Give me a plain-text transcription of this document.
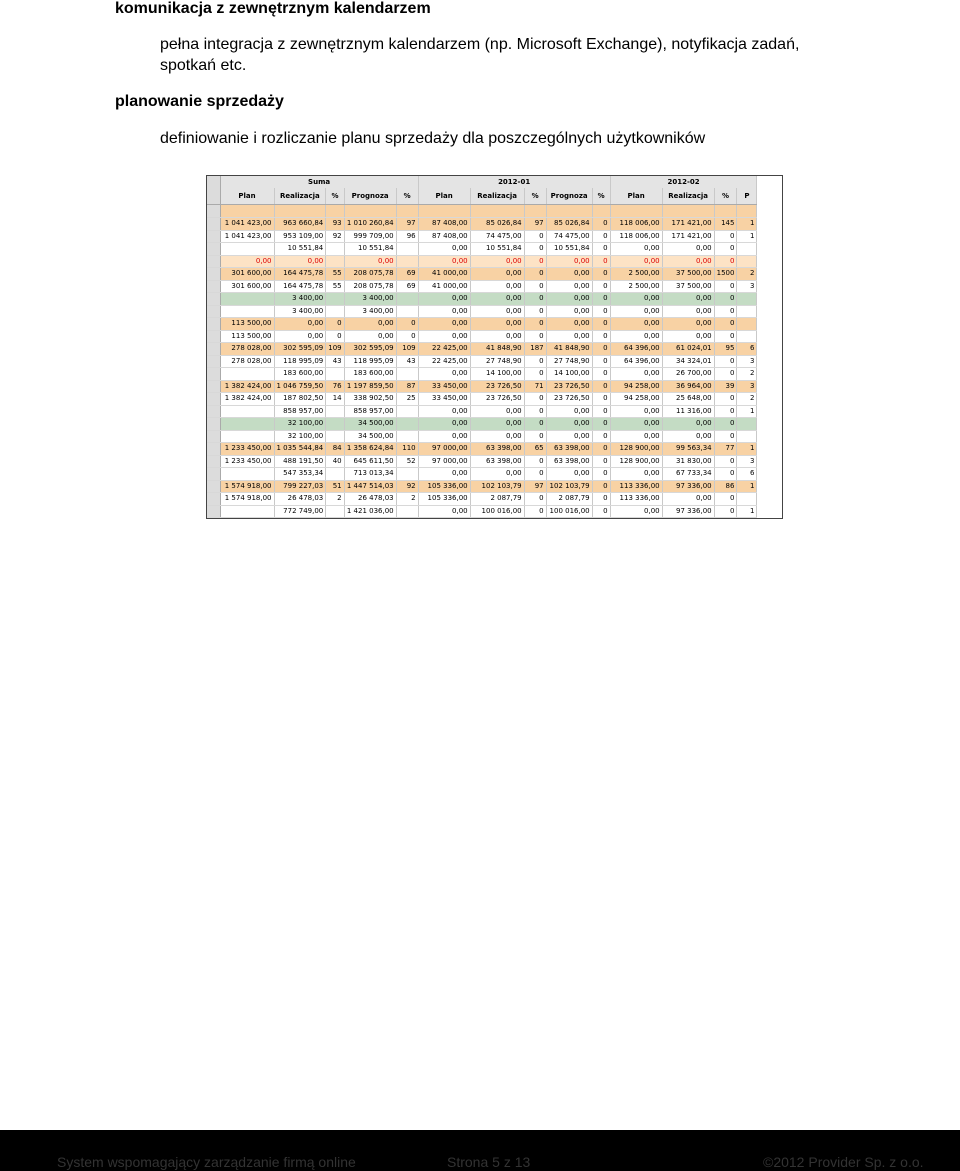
komunikacja z zewnętrznym kalendarzem
pełna integracja z zewnętrznym kalendarzem (np. Microsoft Exchange), notyfikacja zadań, spotkań etc.
planowanie sprzedaży
definiowanie i rozliczanie planu sprzedaży dla poszczególnych użytkowników
	Suma					2012-01					2012-02			
	Plan	Realizacja	%	Prognoza	%	Plan	Realizacja	%	Prognoza	%	Plan	Realizacja	%	P

	1 041 423,00	963 660,84	93	1 010 260,84	97	87 408,00	85 026,84	97	85 026,84	0	118 006,00	171 421,00	145	1
	1 041 423,00	953 109,00	92	999 709,00	96	87 408,00	74 475,00	0	74 475,00	0	118 006,00	171 421,00	0	1
		10 551,84		10 551,84		0,00	10 551,84	0	10 551,84	0	0,00	0,00	0	
	0,00	0,00		0,00		0,00	0,00	0	0,00	0	0,00	0,00	0	
	301 600,00	164 475,78	55	208 075,78	69	41 000,00	0,00	0	0,00	0	2 500,00	37 500,00	1500	2
	301 600,00	164 475,78	55	208 075,78	69	41 000,00	0,00	0	0,00	0	2 500,00	37 500,00	0	3
		3 400,00		3 400,00		0,00	0,00	0	0,00	0	0,00	0,00	0	
		3 400,00		3 400,00		0,00	0,00	0	0,00	0	0,00	0,00	0	
	113 500,00	0,00	0	0,00	0	0,00	0,00	0	0,00	0	0,00	0,00	0	
	113 500,00	0,00	0	0,00	0	0,00	0,00	0	0,00	0	0,00	0,00	0	
	278 028,00	302 595,09	109	302 595,09	109	22 425,00	41 848,90	187	41 848,90	0	64 396,00	61 024,01	95	6
	278 028,00	118 995,09	43	118 995,09	43	22 425,00	27 748,90	0	27 748,90	0	64 396,00	34 324,01	0	3
		183 600,00		183 600,00		0,00	14 100,00	0	14 100,00	0	0,00	26 700,00	0	2
	1 382 424,00	1 046 759,50	76	1 197 859,50	87	33 450,00	23 726,50	71	23 726,50	0	94 258,00	36 964,00	39	3
	1 382 424,00	187 802,50	14	338 902,50	25	33 450,00	23 726,50	0	23 726,50	0	94 258,00	25 648,00	0	2
		858 957,00		858 957,00		0,00	0,00	0	0,00	0	0,00	11 316,00	0	1
		32 100,00		34 500,00		0,00	0,00	0	0,00	0	0,00	0,00	0	
		32 100,00		34 500,00		0,00	0,00	0	0,00	0	0,00	0,00	0	
	1 233 450,00	1 035 544,84	84	1 358 624,84	110	97 000,00	63 398,00	65	63 398,00	0	128 900,00	99 563,34	77	1
	1 233 450,00	488 191,50	40	645 611,50	52	97 000,00	63 398,00	0	63 398,00	0	128 900,00	31 830,00	0	3
		547 353,34		713 013,34		0,00	0,00	0	0,00	0	0,00	67 733,34	0	6
	1 574 918,00	799 227,03	51	1 447 514,03	92	105 336,00	102 103,79	97	102 103,79	0	113 336,00	97 336,00	86	1
	1 574 918,00	26 478,03	2	26 478,03	2	105 336,00	2 087,79	0	2 087,79	0	113 336,00	0,00	0	
		772 749,00		1 421 036,00		0,00	100 016,00	0	100 016,00	0	0,00	97 336,00	0	1
System wspomagający zarządzanie firmą online	Strona 5 z 13	©2012 Provider Sp. z o.o.
